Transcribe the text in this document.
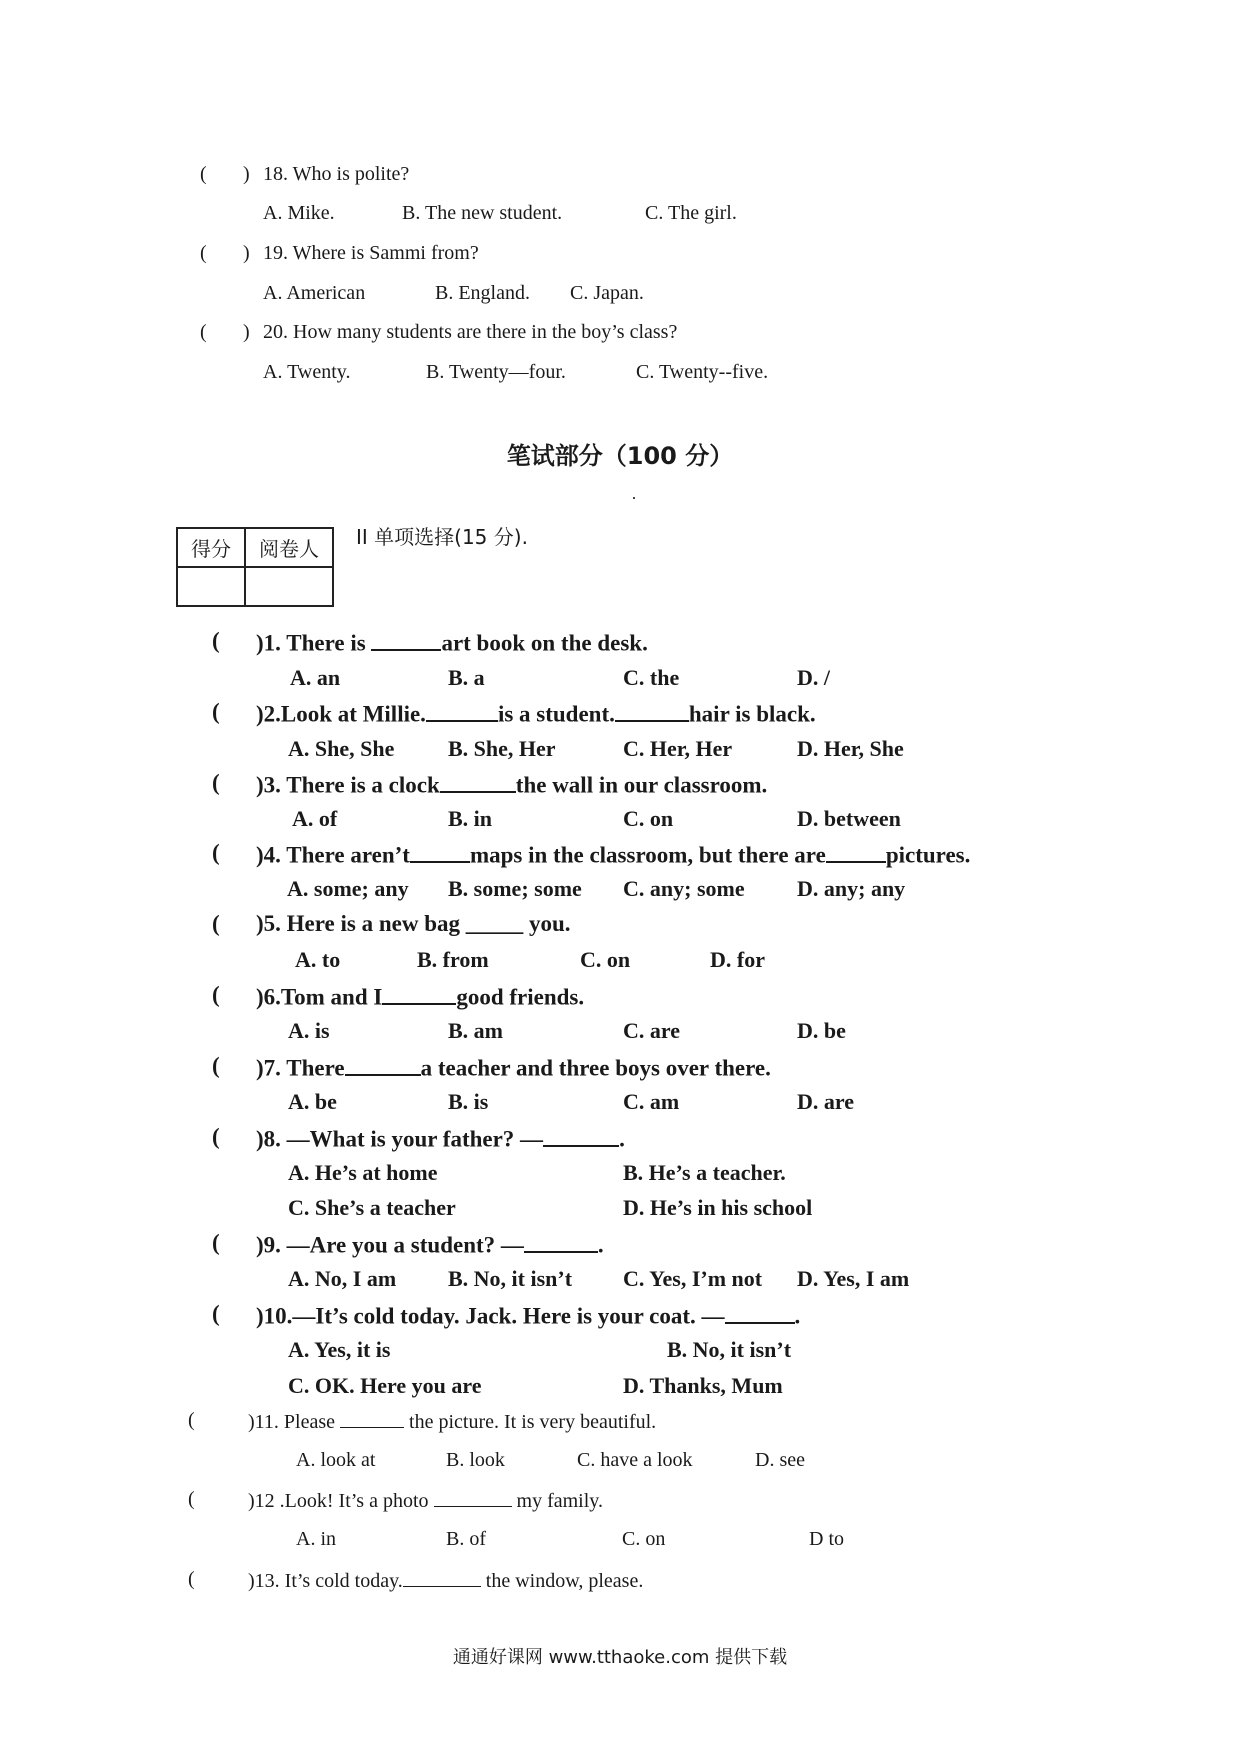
( ) 18. Who is polite?
A. Mike.	B. The new student.	C. The girl.
( ) 19. Where is Sammi from?
A. American	B. England. C. Japan.
( ) 20. How many students are there in the boy’s class?
A. Twenty.	B. Twenty—four.	C. Twenty--five.
笔试部分（100 分）
得分	阅卷人
	II 单项选择(15 分).
( )1. There is	art book on the desk.
A. an	B. a	C. the	D. /
( )2.Look at Millie.	is a student.	hair is black.
A. She, She B. She, Her	C. Her, Her	D. Her, She
( )3. There is a clock	the wall in our classroom.
A. of	B. in	C. on	D. between
( )4. There aren’t	maps in the classroom, but there are	pictures.
A. some; any B. some; some C. any; some D. any; any
( )5. Here is a new bag _____ you.
A. to	B. from	C. on	D. for
( )6.Tom and I	good friends.
A. is	B. am	C. are	D. be
( )7. There	a teacher and three boys over there.
A. be	B. is	C. am	D. are
( )8. —What is your father? —	.
A. He’s at home	B. He’s a teacher.
C. She’s a teacher	D. He’s in his school
( )9. —Are you a student? —	.
A. No, I am B. No, it isn’t C. Yes, I’m not D. Yes, I am
( )10.—It’s cold today. Jack. Here is your coat. —	.
A. Yes, it is	B. No, it isn’t
C. OK. Here you are	D. Thanks, Mum
(	)11. Please	the picture. It is very beautiful.
A. look at	B. look	C. have a look	D. see
(	)12 .Look! It’s a photo	my family.
A. in	B. of	C. on	D to
(	)13. It’s cold today.	the window, please.
通通好课网 www.tthaoke.com 提供下载
